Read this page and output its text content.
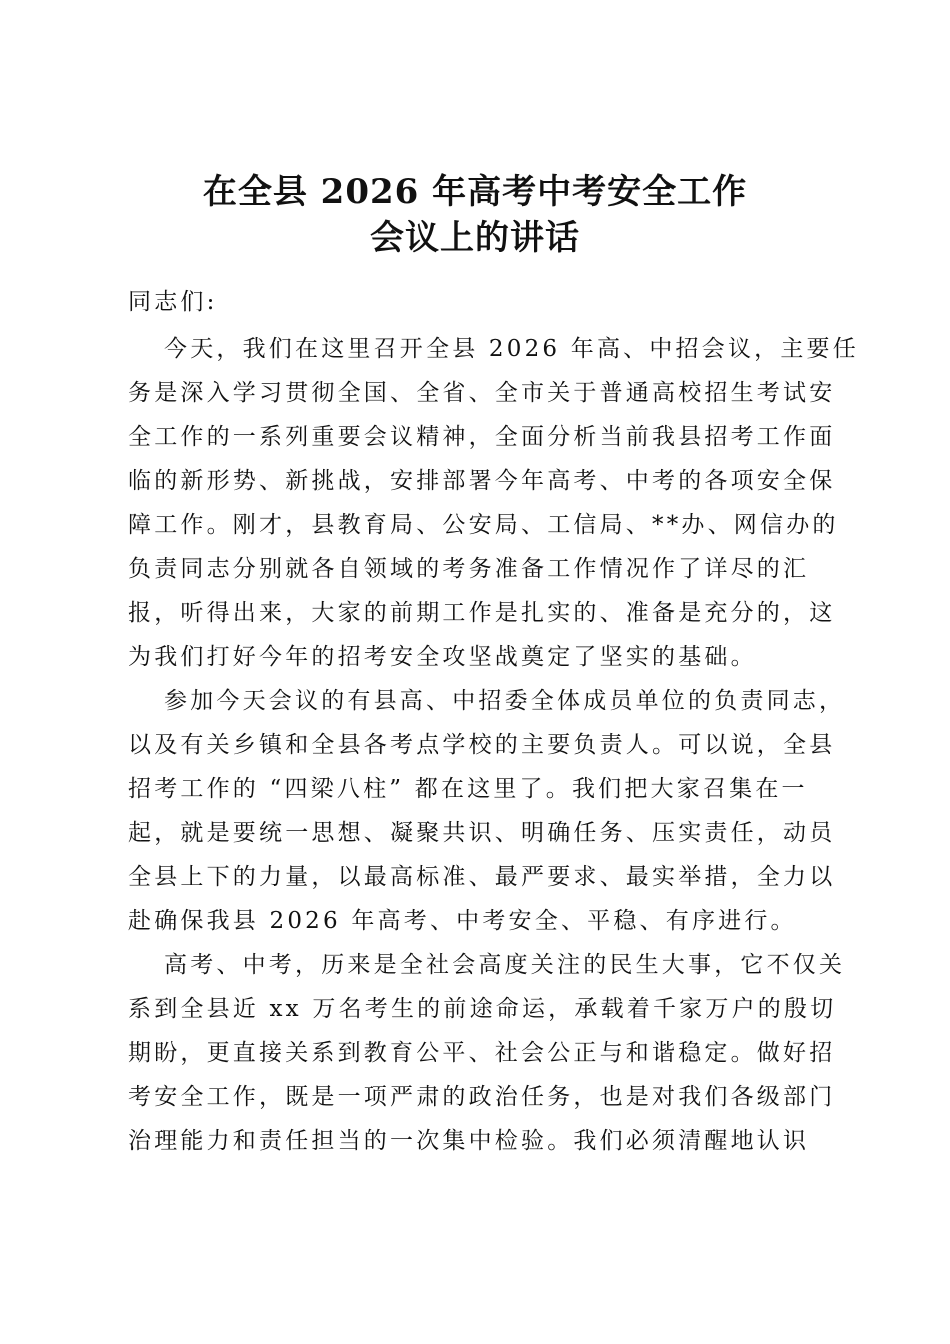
在全县 2026 年高考中考安全工作
会议上的讲话

同志们:

今天，我们在这里召开全县 2026 年高、中招会议，主要任

务是深入学习贯彻全国、全省、全市关于普通高校招生考试安

全工作的一系列重要会议精神，全面分析当前我县招考工作面

临的新形势、新挑战，安排部署今年高考、中考的各项安全保

障工作。刚才，县教育局、公安局、工信局、**办、网信办的

负责同志分别就各自领域的考务准备工作情况作了详尽的汇

报，听得出来，大家的前期工作是扎实的、准备是充分的，这

为我们打好今年的招考安全攻坚战奠定了坚实的基础。

参加今天会议的有县高、中招委全体成员单位的负责同志，

以及有关乡镇和全县各考点学校的主要负责人。可以说，全县

招考工作的 “四梁八柱” 都在这里了。我们把大家召集在一

起，就是要统一思想、凝聚共识、明确任务、压实责任，动员

全县上下的力量，以最高标准、最严要求、最实举措，全力以

赴确保我县 2026 年高考、中考安全、平稳、有序进行。

高考、中考，历来是全社会高度关注的民生大事，它不仅关

系到全县近 xx 万名考生的前途命运，承载着千家万户的殷切

期盼，更直接关系到教育公平、社会公正与和谐稳定。做好招

考安全工作，既是一项严肃的政治任务，也是对我们各级部门

治理能力和责任担当的一次集中检验。我们必须清醒地认识
